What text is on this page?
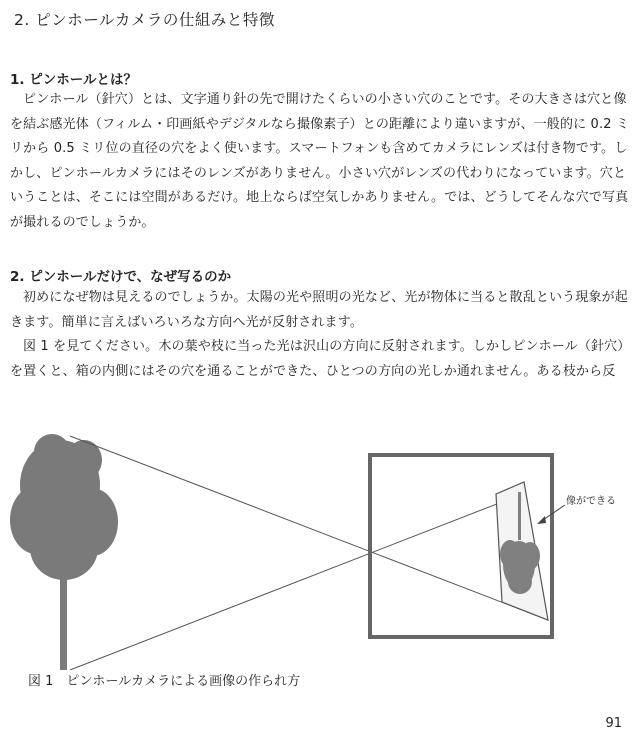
2. ピンホールカメラの仕組みと特徴
1. ピンホールとは？

ピンホール（針穴）とは、文字通り針の先で開けたくらいの小さい穴のことです。その大きさは穴と像を結ぶ感光体（フィルム・印画紙やデジタルなら撮像素子）との距離により違いますが、一般的に 0.2 ミリから 0.5 ミリ位の直径の穴をよく使います。スマートフォンも含めてカメラにレンズは付き物です。しかし、ピンホールカメラにはそのレンズがありません。小さい穴がレンズの代わりになっています。穴ということは、そこには空間があるだけ。地上ならば空気しかありません。では、どうしてそんな穴で写真が撮れるのでしょうか。

2. ピンホールだけで、なぜ写るのか

初めになぜ物は見えるのでしょうか。太陽の光や照明の光など、光が物体に当ると散乱という現象が起きます。簡単に言えばいろいろな方向へ光が反射されます。

図 1 を見てください。木の葉や枝に当った光は沢山の方向に反射されます。しかしピンホール（針穴）を置くと、箱の内側にはその穴を通ることができた、ひとつの方向の光しか通れません。ある枝から反

像ができる
図 1　ピンホールカメラによる画像の作られ方
91
